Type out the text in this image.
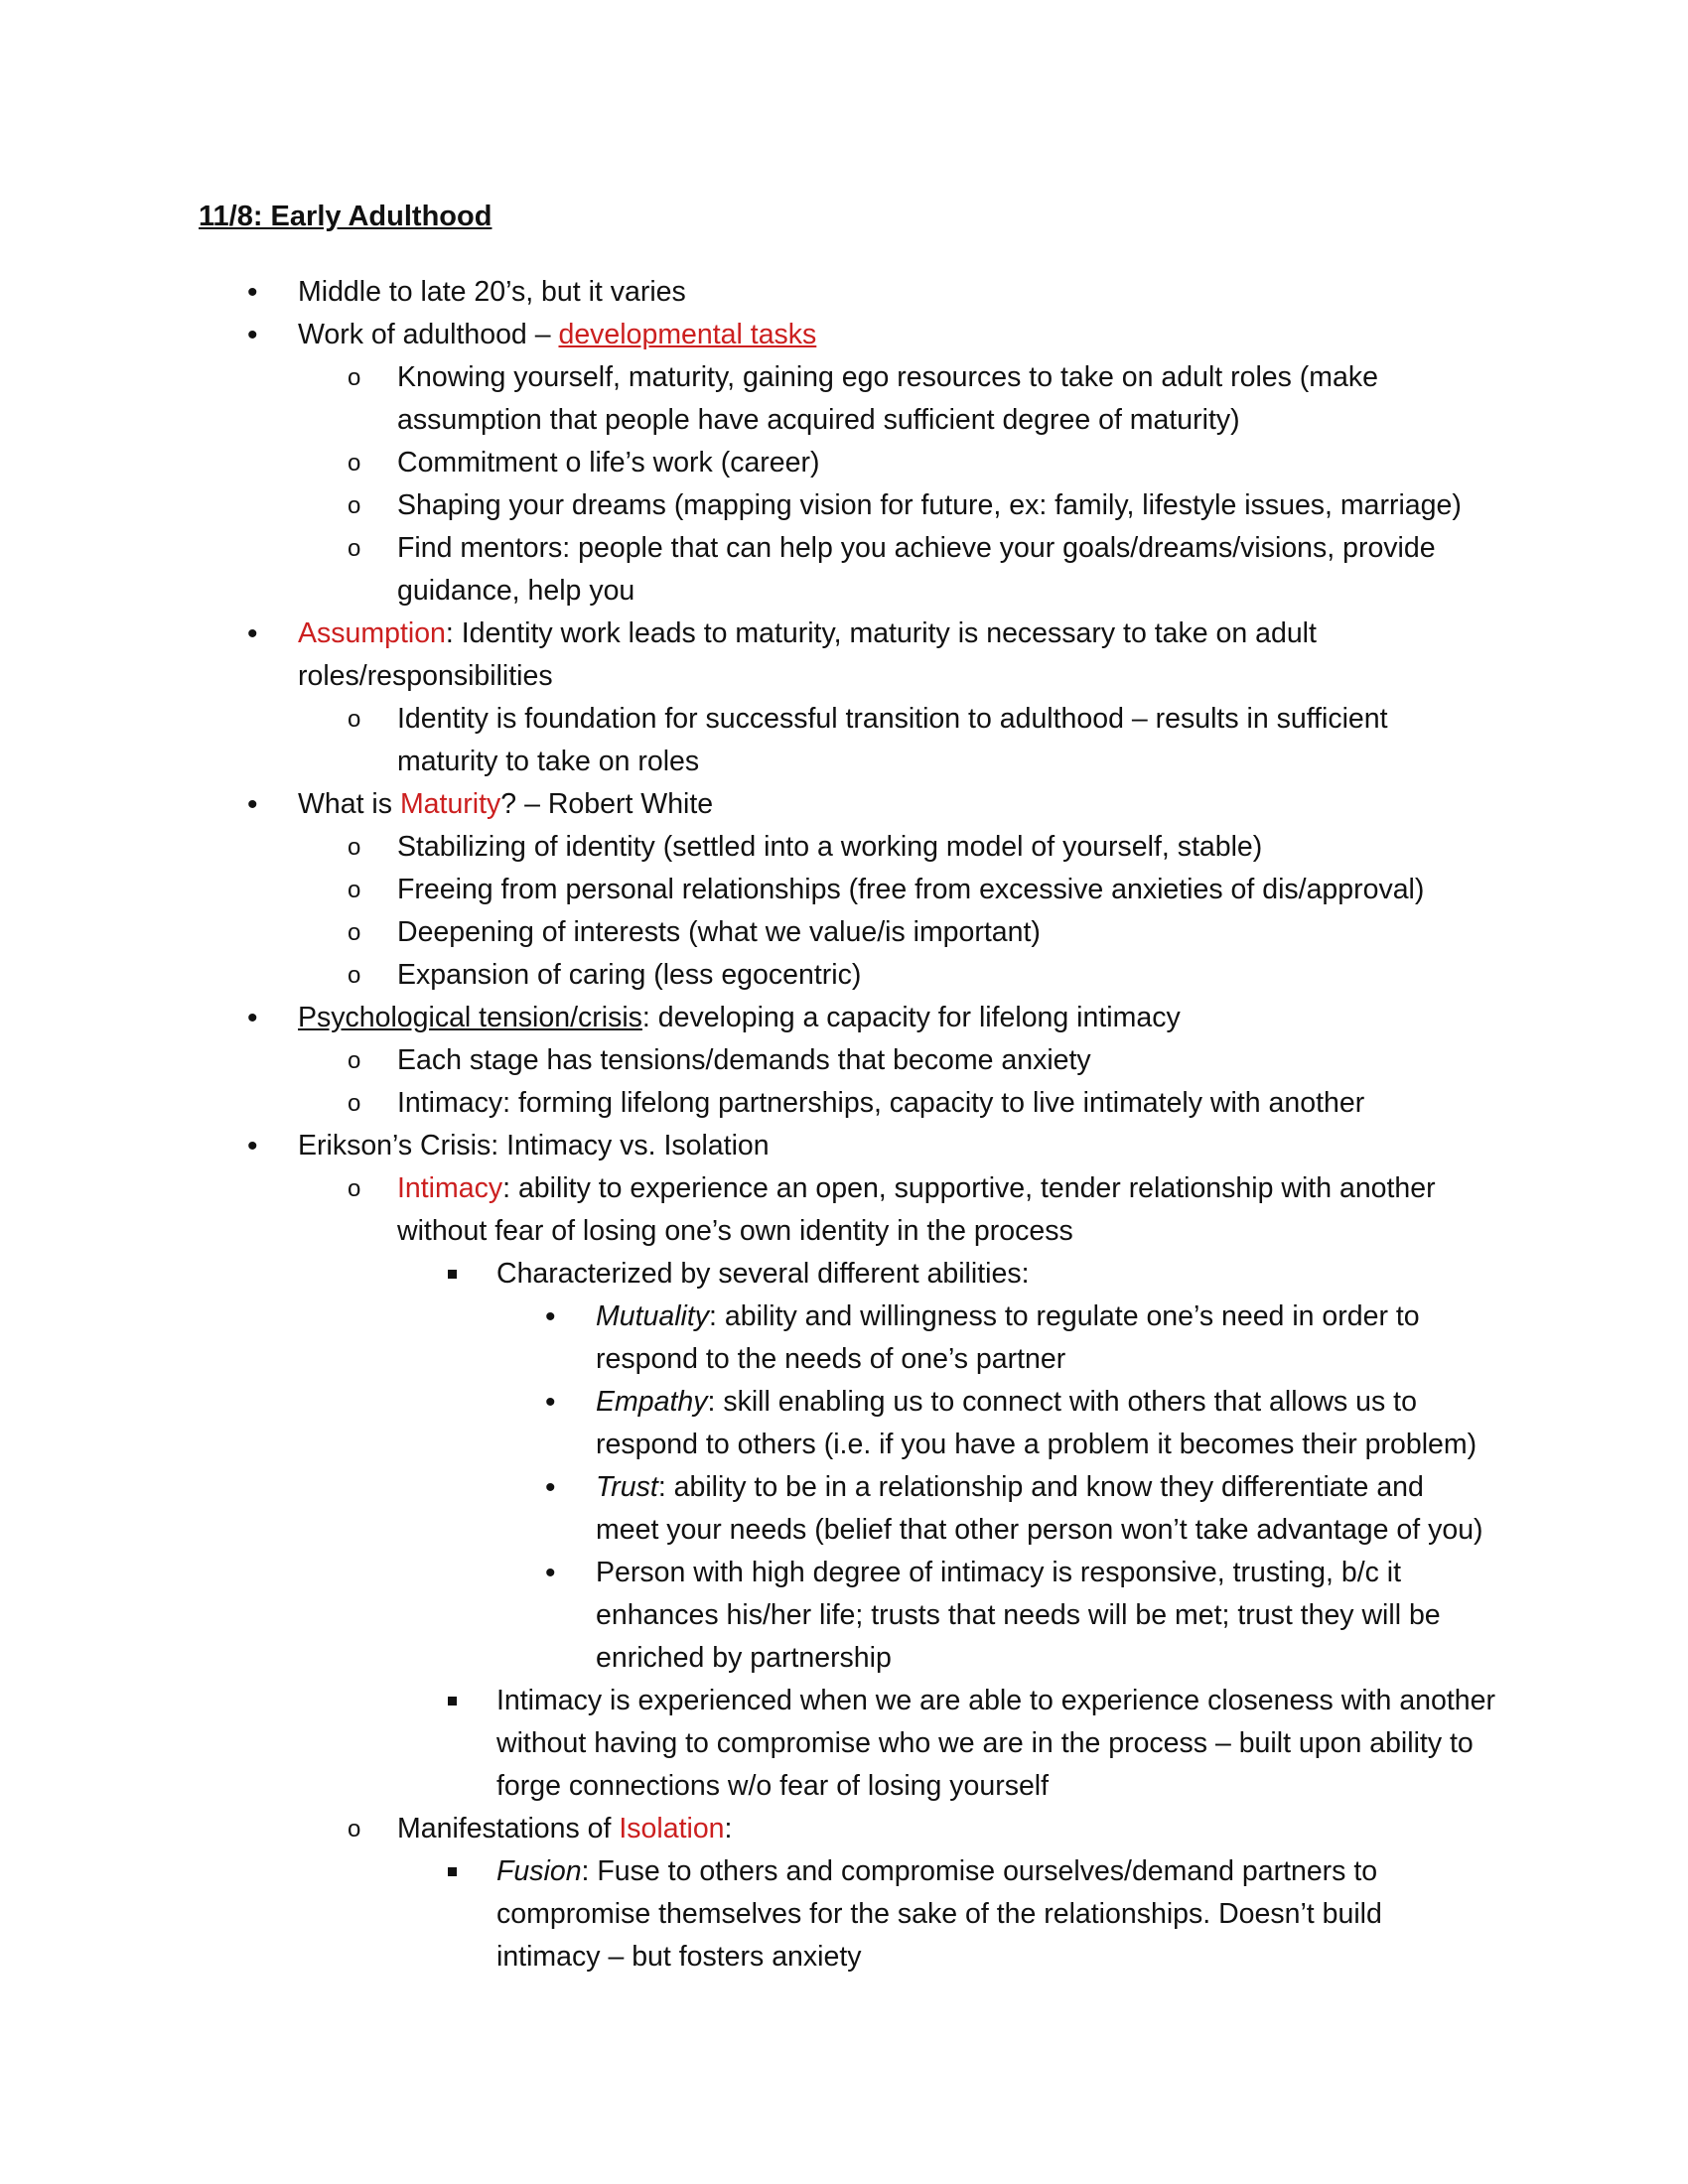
11/8: Early Adulthood
• Middle to late 20’s, but it varies
• Work of adulthood – developmental tasks
o Knowing yourself, maturity, gaining ego resources to take on adult roles (make
assumption that people have acquired sufficient degree of maturity)
o Commitment o life’s work (career)
o Shaping your dreams (mapping vision for future, ex: family, lifestyle issues, marriage)
o Find mentors: people that can help you achieve your goals/dreams/visions, provide
guidance, help you
• Assumption: Identity work leads to maturity, maturity is necessary to take on adult
roles/responsibilities
o Identity is foundation for successful transition to adulthood – results in sufficient
maturity to take on roles
• What is Maturity? – Robert White
o Stabilizing of identity (settled into a working model of yourself, stable)
o Freeing from personal relationships (free from excessive anxieties of dis/approval)
o Deepening of interests (what we value/is important)
o Expansion of caring (less egocentric)
• Psychological tension/crisis: developing a capacity for lifelong intimacy
o Each stage has tensions/demands that become anxiety
o Intimacy: forming lifelong partnerships, capacity to live intimately with another
• Erikson’s Crisis: Intimacy vs. Isolation
o Intimacy: ability to experience an open, supportive, tender relationship with another
without fear of losing one’s own identity in the process
Characterized by several different abilities:
• Mutuality: ability and willingness to regulate one’s need in order to
respond to the needs of one’s partner
• Empathy: skill enabling us to connect with others that allows us to
respond to others (i.e. if you have a problem it becomes their problem)
• Trust: ability to be in a relationship and know they differentiate and
meet your needs (belief that other person won’t take advantage of you)
• Person with high degree of intimacy is responsive, trusting, b/c it
enhances his/her life; trusts that needs will be met; trust they will be
enriched by partnership
Intimacy is experienced when we are able to experience closeness with another
without having to compromise who we are in the process – built upon ability to
forge connections w/o fear of losing yourself
o Manifestations of Isolation:
Fusion: Fuse to others and compromise ourselves/demand partners to
compromise themselves for the sake of the relationships. Doesn’t build
intimacy – but fosters anxiety
